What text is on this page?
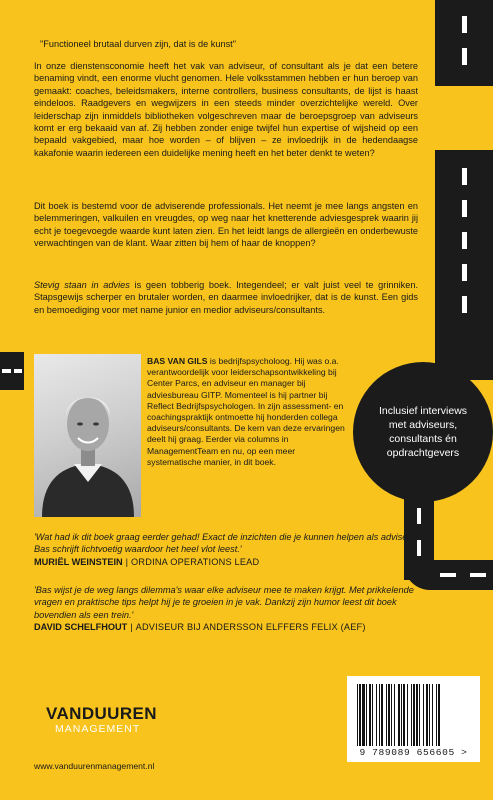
"Functioneel brutaal durven zijn, dat is de kunst"

In onze dienstensconomie heeft het vak van adviseur, of consultant als je dat een betere benaming vindt, een enorme vlucht genomen. Hele volksstammen hebben er hun beroep van gemaakt: coaches, beleidsmakers, interne controllers, business consultants, de lijst is haast eindeloos. Raadgevers en wegwijzers in een steeds minder overzichtelijke wereld. Over leiderschap zijn inmiddels bibliotheken volgeschreven maar de beroepsgroep van adviseurs komt er erg bekaaid van af. Zij hebben zonder enige twijfel hun expertise of wijsheid op een bepaald vakgebied, maar hoe worden – of blijven – ze invloedrijk in de hedendaagse kakafonie waarin iedereen een duidelijke mening heeft en het beter denkt te weten?

Dit boek is bestemd voor de adviserende professionals. Het neemt je mee langs angsten en belemmeringen, valkuilen en vreugdes, op weg naar het knetterende adviesgesprek waarin jij echt je toegevoegde waarde kunt laten zien. En het leidt langs de allergieën en onderbewuste verwachtingen van de klant. Waar zitten bij hem of haar de knoppen?

Stevig staan in advies is geen tobberig boek. Integendeel; er valt juist veel te grinniken. Stapsgewijs scherper en brutaler worden, en daarmee invloedrijker, dat is de kunst. Een gids en bemoediging voor met name junior en medior adviseurs/consultants.

BAS VAN GILS is bedrijfspsycholoog. Hij was o.a. verantwoordelijk voor leiderschapsontwikkeling bij Center Parcs, en adviseur en manager bij adviesbureau GITP. Momenteel is hij partner bij Reflect Bedrijfspsychologen. In zijn assessment- en coachingspraktijk ontmoette hij honderden collega adviseurs/consultants. De kern van deze ervaringen deelt hij graag. Eerder via columns in ManagementTeam en nu, op een meer systematische manier, in dit boek.
Inclusief interviews met adviseurs, consultants én opdrachtgevers
'Wat had ik dit boek graag eerder gehad! Exact de inzichten die je kunnen helpen als adviseur. Bas schrijft lichtvoetig waardoor het heel vlot leest.'
MURIËL WEINSTEIN | ORDINA OPERATIONS LEAD
'Bas wijst je de weg langs dilemma's waar elke adviseur mee te maken krijgt. Met prikkelende vragen en praktische tips helpt hij je te groeien in je vak. Dankzij zijn humor leest dit boek bovendien als een trein.'
DAVID SCHELFHOUT | ADVISEUR BIJ ANDERSSON ELFFERS FELIX (AEF)
VANDUUREN
MANAGEMENT
www.vanduurenmanagement.nl
9 789089 656605 >
